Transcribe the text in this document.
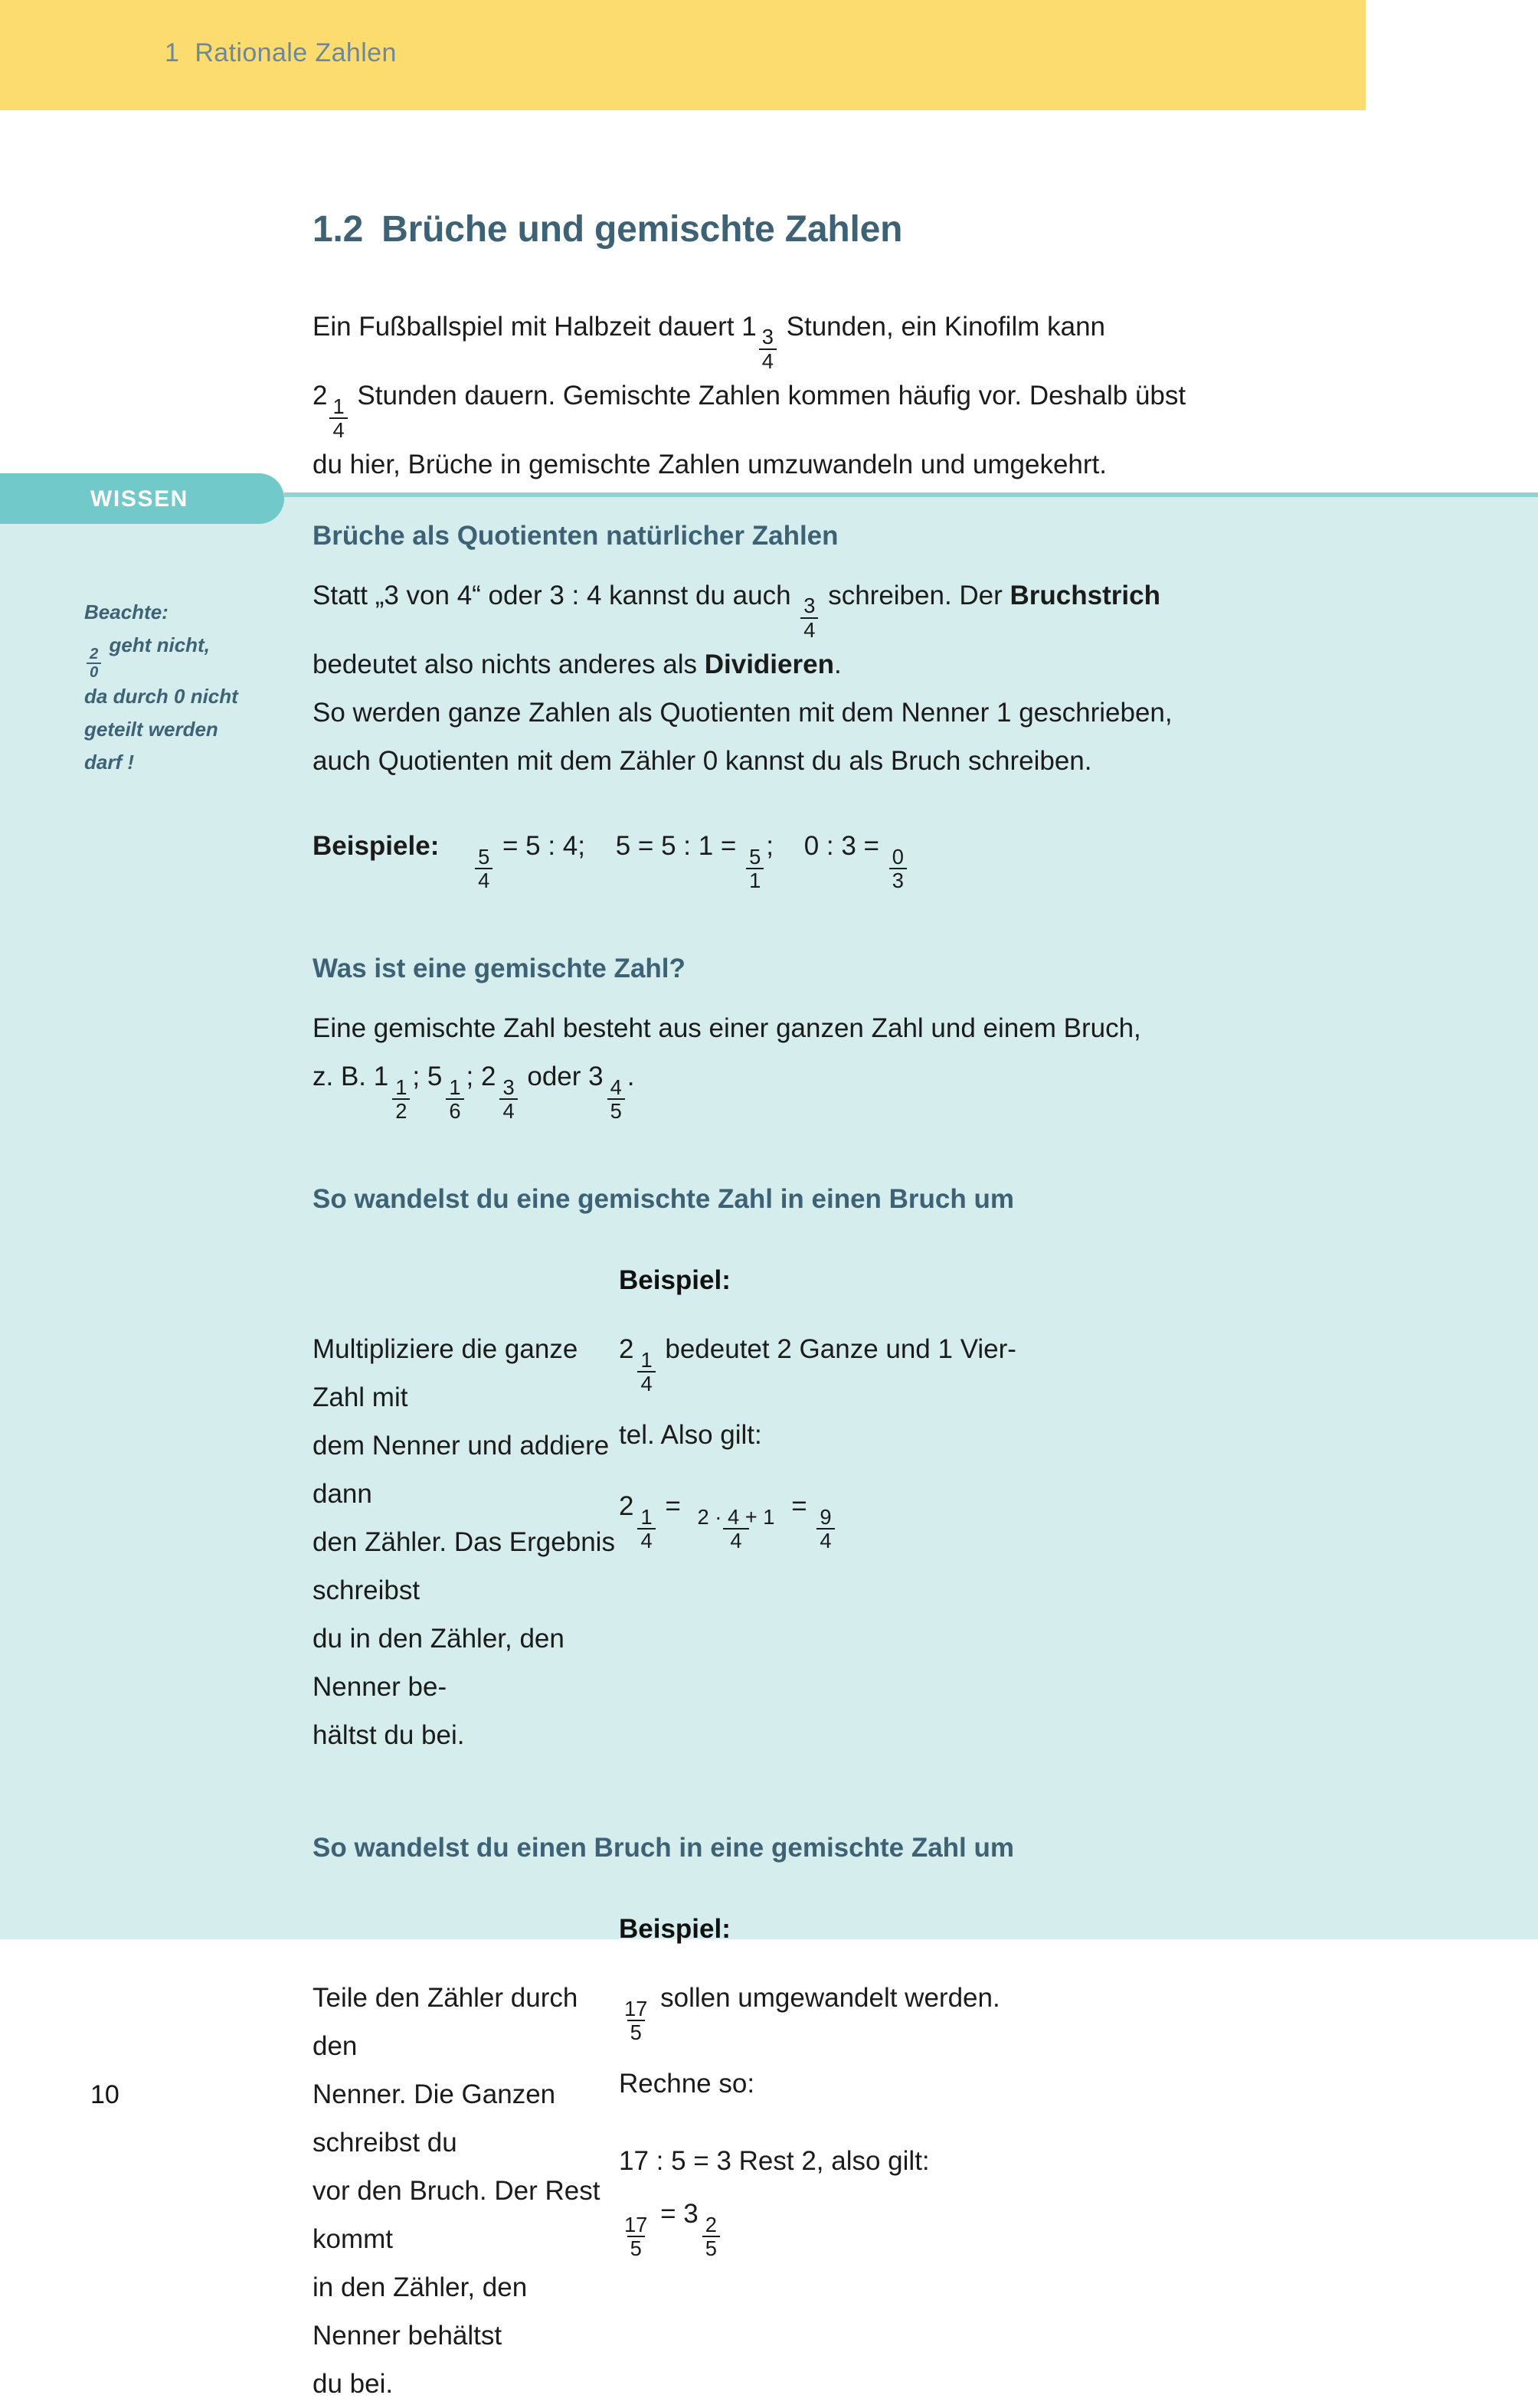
1 Rationale Zahlen
1.2 Brüche und gemischte Zahlen
Ein Fußballspiel mit Halbzeit dauert $1 \frac{3}{4}$ Stunden, ein Kinofilm kann
$2 \frac{1}{4}$ Stunden dauern. Gemischte Zahlen kommen häufig vor. Deshalb übst
du hier, Brüche in gemischte Zahlen umzuwandeln und umgekehrt.
WISSEN
Beachte:
$\frac{2}{0}$
geht nicht,
da durch 0 nicht
geteilt werden
darf !
Brüche als Quotienten natürlicher Zahlen
Statt „3 von 4“ oder 3 : 4 kannst du auch $\frac{3}{4}$ schreiben. Der Bruchstrich
bedeutet also nichts anderes als Dividieren.
So werden ganze Zahlen als Quotienten mit dem Nenner 1 geschrieben,
auch Quotienten mit dem Zähler 0 kannst du als Bruch schreiben.
Beispiele: $\frac{5}{4} = 5$ : 4; 5 = 5 : $1 = \frac{5}{1}$ ; 0 : $3 = \frac{0}{3}$
Was ist eine gemischte Zahl?
Eine gemischte Zahl besteht aus einer ganzen Zahl und einem Bruch,
z. B. $1 \frac{1}{2}$ ; $5 \frac{1}{6}$ ; $2 \frac{3}{4}$ oder $3 \frac{4}{5}$ .
So wandelst du eine gemischte Zahl in einen Bruch um
Multipliziere die ganze Zahl mit
dem Nenner und addiere dann
den Zähler. Das Ergebnis schreibst
du in den Zähler, den Nenner be-
hältst du bei.
Beispiel:
$2 \frac{1}{4}$ bedeutet 2 Ganze und 1 Vier-
tel. Also gilt:
$2 \frac{1}{4} = \frac{2 \cdot 4 + 1}{4} = \frac{9}{4}$
So wandelst du einen Bruch in eine gemischte Zahl um
Teile den Zähler durch den
Nenner. Die Ganzen schreibst du
vor den Bruch. Der Rest kommt
in den Zähler, den Nenner behältst
du bei.
Beispiel:
$\frac{17}{5}$ sollen umgewandelt werden.
Rechne so:
17 : 5 = 3 Rest 2, also gilt:
$\frac{17}{5} = 3 \frac{2}{5}$
10
